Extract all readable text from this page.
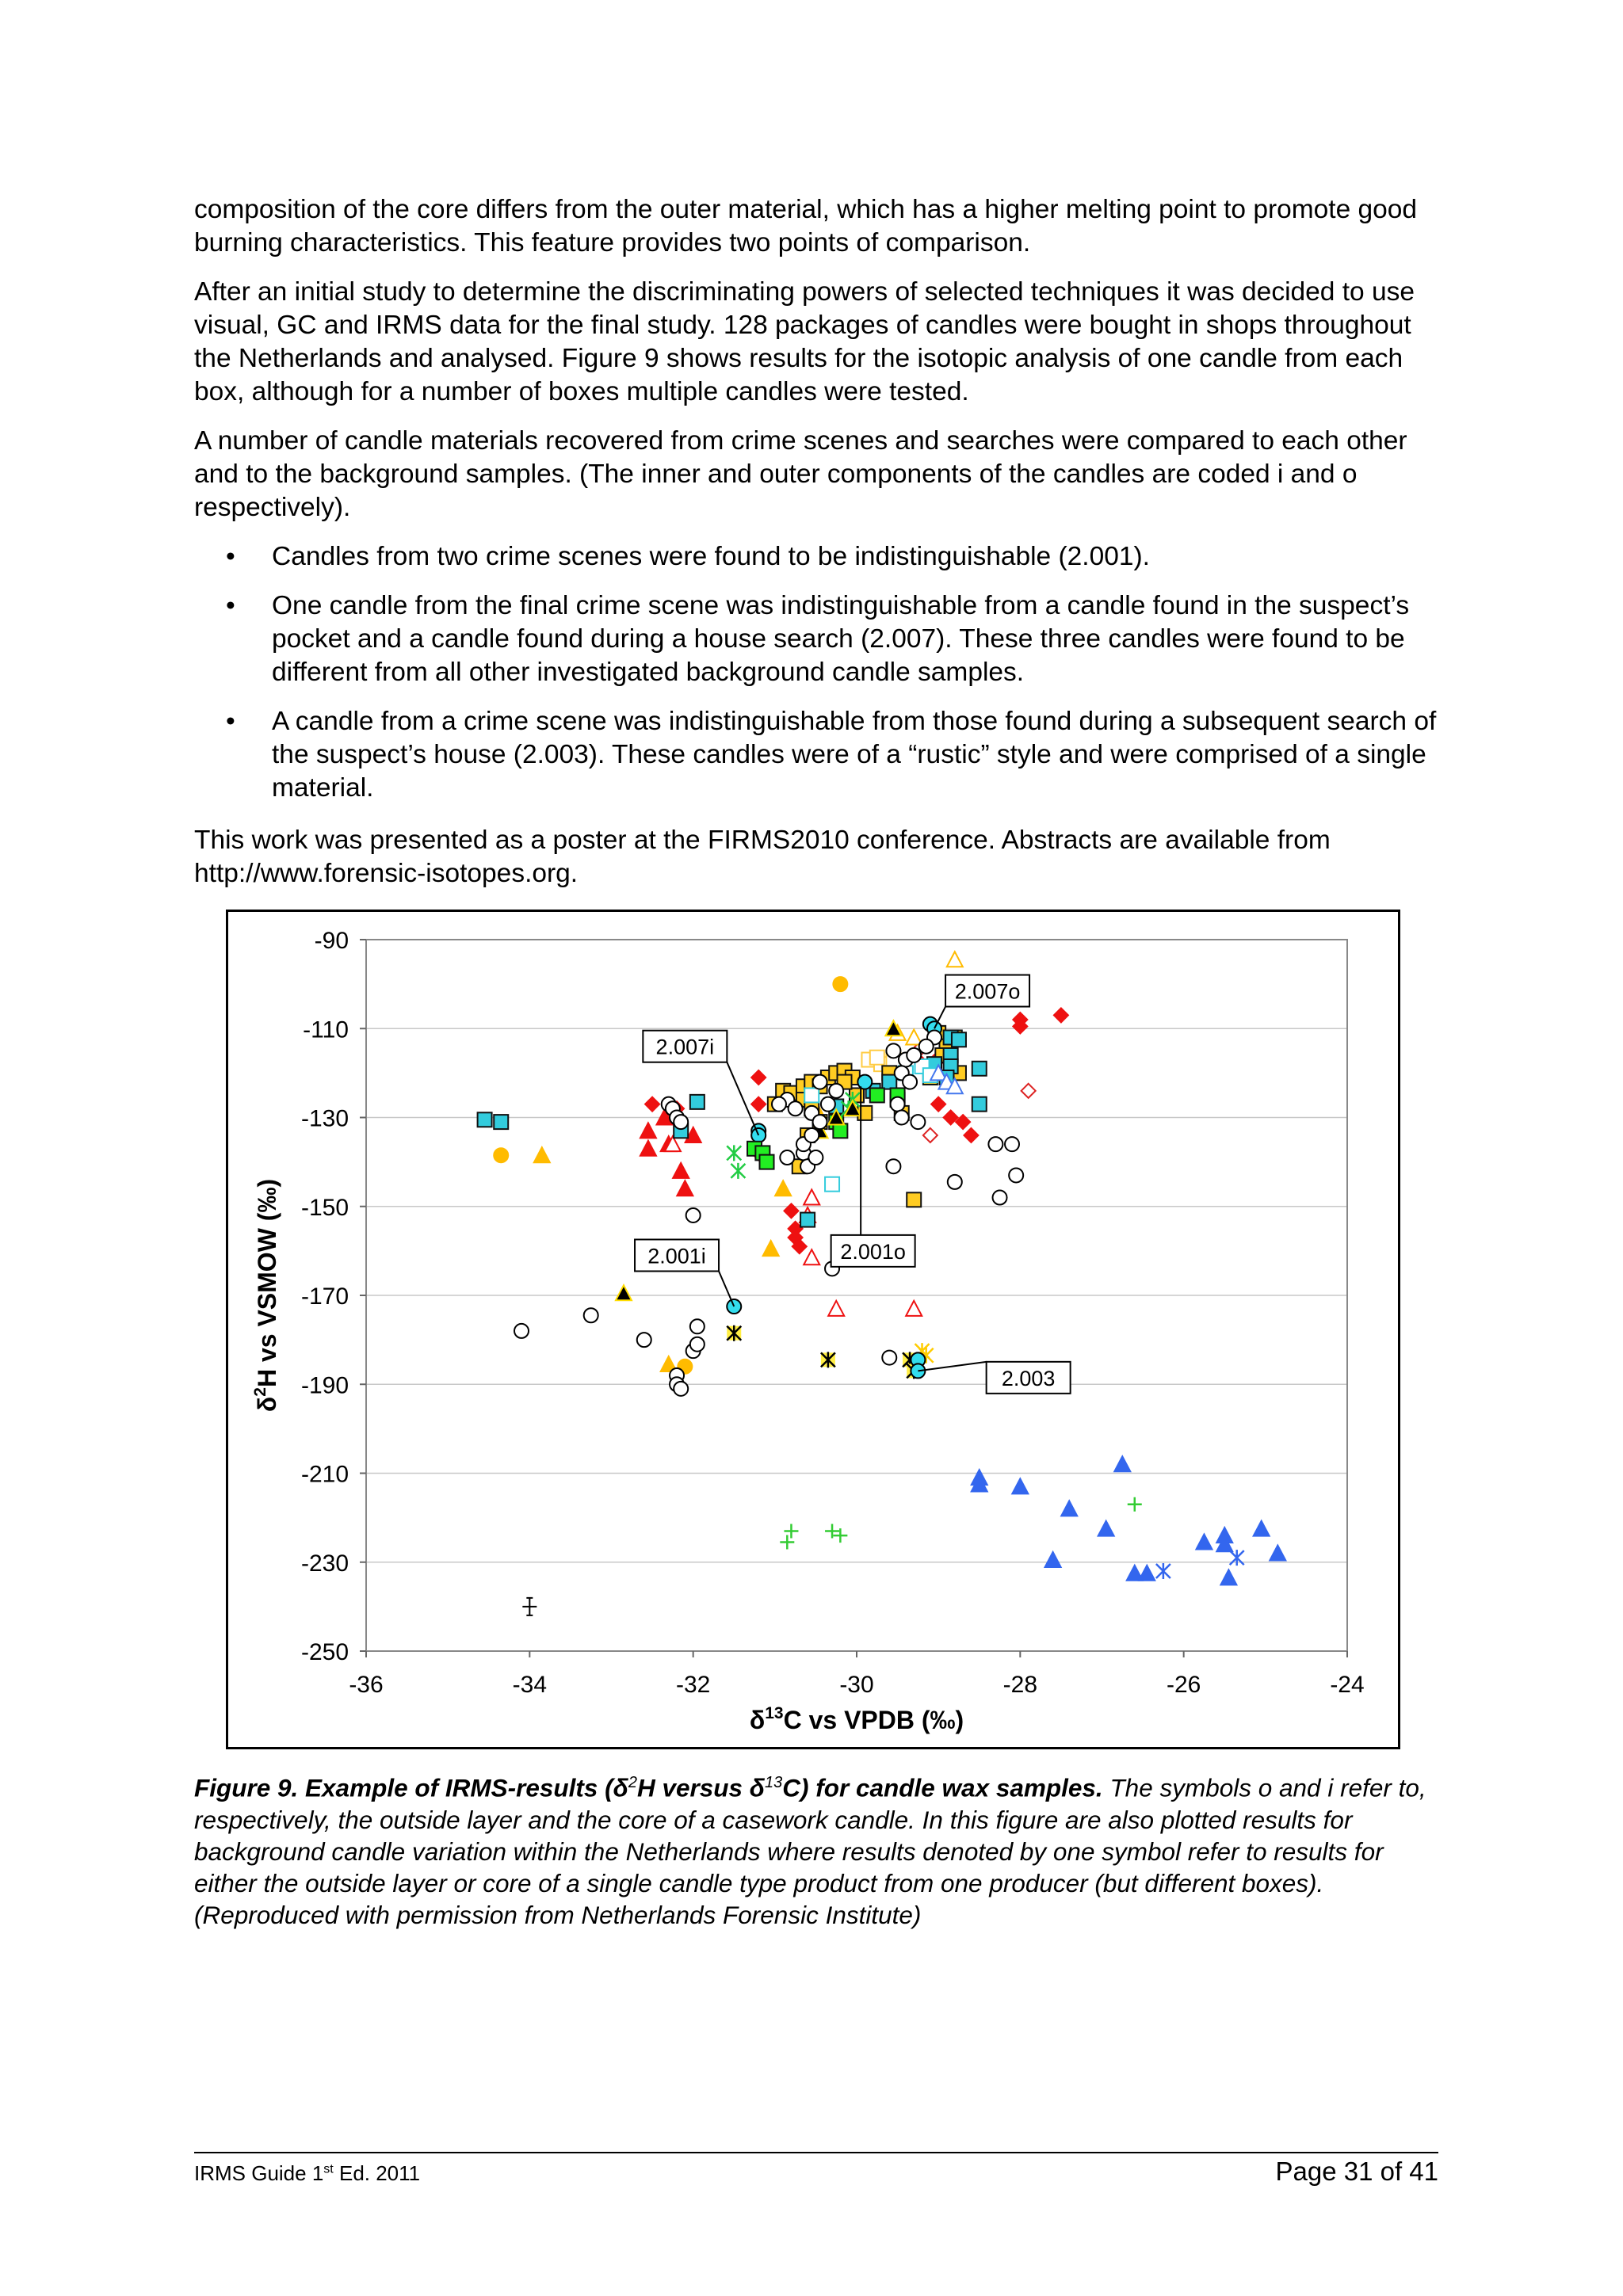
composition of the core differs from the outer material, which has a higher melting point to promote good burning characteristics. This feature provides two points of comparison.

After an initial study to determine the discriminating powers of selected techniques it was decided to use visual, GC and IRMS data for the final study. 128 packages of candles were bought in shops throughout the Netherlands and analysed. Figure 9 shows results for the isotopic analysis of one candle from each box, although for a number of boxes multiple candles were tested.

A number of candle materials recovered from crime scenes and searches were compared to each other and to the background samples. (The inner and outer components of the candles are coded i and o respectively).

• Candles from two crime scenes were found to be indistinguishable (2.001).
• One candle from the final crime scene was indistinguishable from a candle found in the suspect’s pocket and a candle found during a house search (2.007). These three candles were found to be different from all other investigated background candle samples.
• A candle from a crime scene was indistinguishable from those found during a subsequent search of the suspect’s house (2.003). These candles were of a “rustic” style and were comprised of a single material.

This work was presented as a poster at the FIRMS2010 conference. Abstracts are available from http://www.forensic-isotopes.org.

-90
-110
-130
-150
-170
-190
-210
-230
-250
-36	-34	-32	-30	-28	-26	-24
2.007o
2.007i
2.001i	2.001o
2.003
$\delta^{13}C$ vs VPDB (‰)
$\delta^2H$ vs VSMOW (‰)
Figure 9. Example of IRMS-results ($\delta^2H$ versus $\delta^{13}C$) for candle wax samples. The symbols o and i refer to, respectively, the outside layer and the core of a casework candle. In this figure are also plotted results for background candle variation within the Netherlands where results denoted by one symbol refer to results for either the outside layer or core of a single candle type product from one producer (but different boxes). (Reproduced with permission from Netherlands Forensic Institute)
IRMS Guide 1st Ed. 2011	Page 31 of 41
